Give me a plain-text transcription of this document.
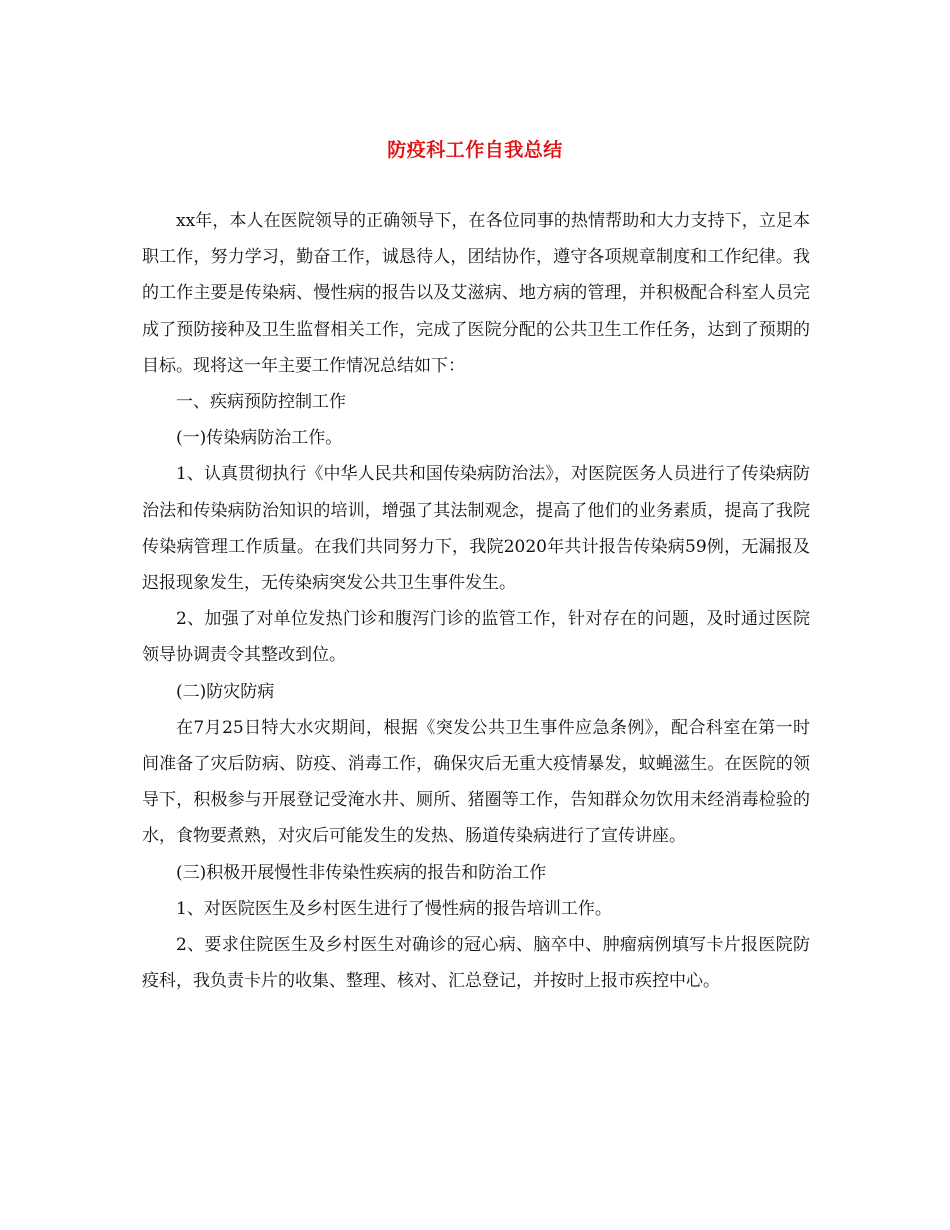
防疫科工作自我总结

xx年，本人在医院领导的正确领导下，在各位同事的热情帮助和大力支持下，立足本职工作，努力学习，勤奋工作，诚恳待人，团结协作，遵守各项规章制度和工作纪律。我的工作主要是传染病、慢性病的报告以及艾滋病、地方病的管理，并积极配合科室人员完成了预防接种及卫生监督相关工作，完成了医院分配的公共卫生工作任务，达到了预期的目标。现将这一年主要工作情况总结如下：

一、疾病预防控制工作

(一)传染病防治工作。

1、认真贯彻执行《中华人民共和国传染病防治法》，对医院医务人员进行了传染病防治法和传染病防治知识的培训，增强了其法制观念，提高了他们的业务素质，提高了我院传染病管理工作质量。在我们共同努力下，我院2020年共计报告传染病59例，无漏报及迟报现象发生，无传染病突发公共卫生事件发生。

2、加强了对单位发热门诊和腹泻门诊的监管工作，针对存在的问题，及时通过医院领导协调责令其整改到位。

(二)防灾防病

在7月25日特大水灾期间，根据《突发公共卫生事件应急条例》，配合科室在第一时间准备了灾后防病、防疫、消毒工作，确保灾后无重大疫情暴发，蚊蝇滋生。在医院的领导下，积极参与开展登记受淹水井、厕所、猪圈等工作，告知群众勿饮用未经消毒检验的水，食物要煮熟，对灾后可能发生的发热、肠道传染病进行了宣传讲座。

(三)积极开展慢性非传染性疾病的报告和防治工作

1、对医院医生及乡村医生进行了慢性病的报告培训工作。

2、要求住院医生及乡村医生对确诊的冠心病、脑卒中、肿瘤病例填写卡片报医院防疫科，我负责卡片的收集、整理、核对、汇总登记，并按时上报市疾控中心。
